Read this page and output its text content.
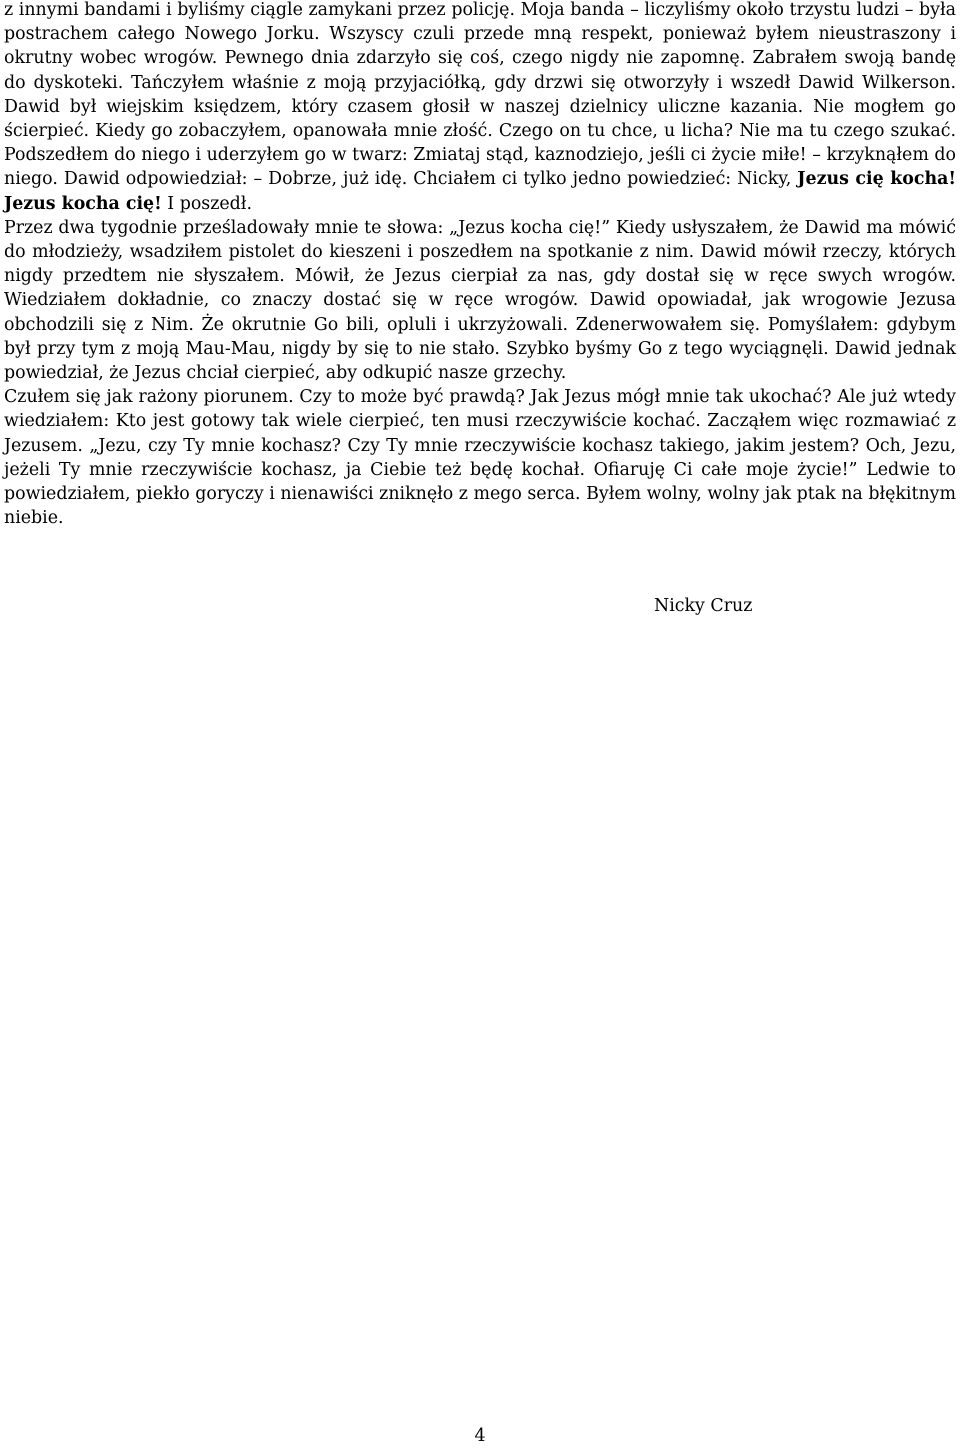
z innymi bandami i byliśmy ciągle zamykani przez policję. Moja banda – liczyliśmy około trzystu ludzi – była postrachem całego Nowego Jorku. Wszyscy czuli przede mną respekt, ponieważ byłem nieustraszony i okrutny wobec wrogów. Pewnego dnia zdarzyło się coś, czego nigdy nie zapomnę. Zabrałem swoją bandę do dyskoteki. Tańczyłem właśnie z moją przyjaciółką, gdy drzwi się otworzyły i wszedł Dawid Wilkerson. Dawid był wiejskim księdzem, który czasem głosił w naszej dzielnicy uliczne kazania. Nie mogłem go ścierpieć. Kiedy go zobaczyłem, opanowała mnie złość. Czego on tu chce, u licha? Nie ma tu czego szukać. Podszedłem do niego i uderzyłem go w twarz: Zmiataj stąd, kaznodziejo, jeśli ci życie miłe! – krzyknąłem do niego. Dawid odpowiedział: – Dobrze, już idę. Chciałem ci tylko jedno powiedzieć: Nicky, Jezus cię kocha! Jezus kocha cię! I poszedł.

Przez dwa tygodnie prześladowały mnie te słowa: „Jezus kocha cię!” Kiedy usłyszałem, że Dawid ma mówić do młodzieży, wsadziłem pistolet do kieszeni i poszedłem na spotkanie z nim. Dawid mówił rzeczy, których nigdy przedtem nie słyszałem. Mówił, że Jezus cierpiał za nas, gdy dostał się w ręce swych wrogów. Wiedziałem dokładnie, co znaczy dostać się w ręce wrogów. Dawid opowiadał, jak wrogowie Jezusa obchodzili się z Nim. Że okrutnie Go bili, opluli i ukrzyżowali. Zdenerwowałem się. Pomyślałem: gdybym był przy tym z moją Mau-Mau, nigdy by się to nie stało. Szybko byśmy Go z tego wyciągnęli. Dawid jednak powiedział, że Jezus chciał cierpieć, aby odkupić nasze grzechy.

Czułem się jak rażony piorunem. Czy to może być prawdą? Jak Jezus mógł mnie tak ukochać? Ale już wtedy wiedziałem: Kto jest gotowy tak wiele cierpieć, ten musi rzeczywiście kochać. Zacząłem więc rozmawiać z Jezusem. „Jezu, czy Ty mnie kochasz? Czy Ty mnie rzeczywiście kochasz takiego, jakim jestem? Och, Jezu, jeżeli Ty mnie rzeczywiście kochasz, ja Ciebie też będę kochał. Ofiaruję Ci całe moje życie!” Ledwie to powiedziałem, piekło goryczy i nienawiści zniknęło z mego serca. Byłem wolny, wolny jak ptak na błękitnym niebie.

Nicky Cruz
4
